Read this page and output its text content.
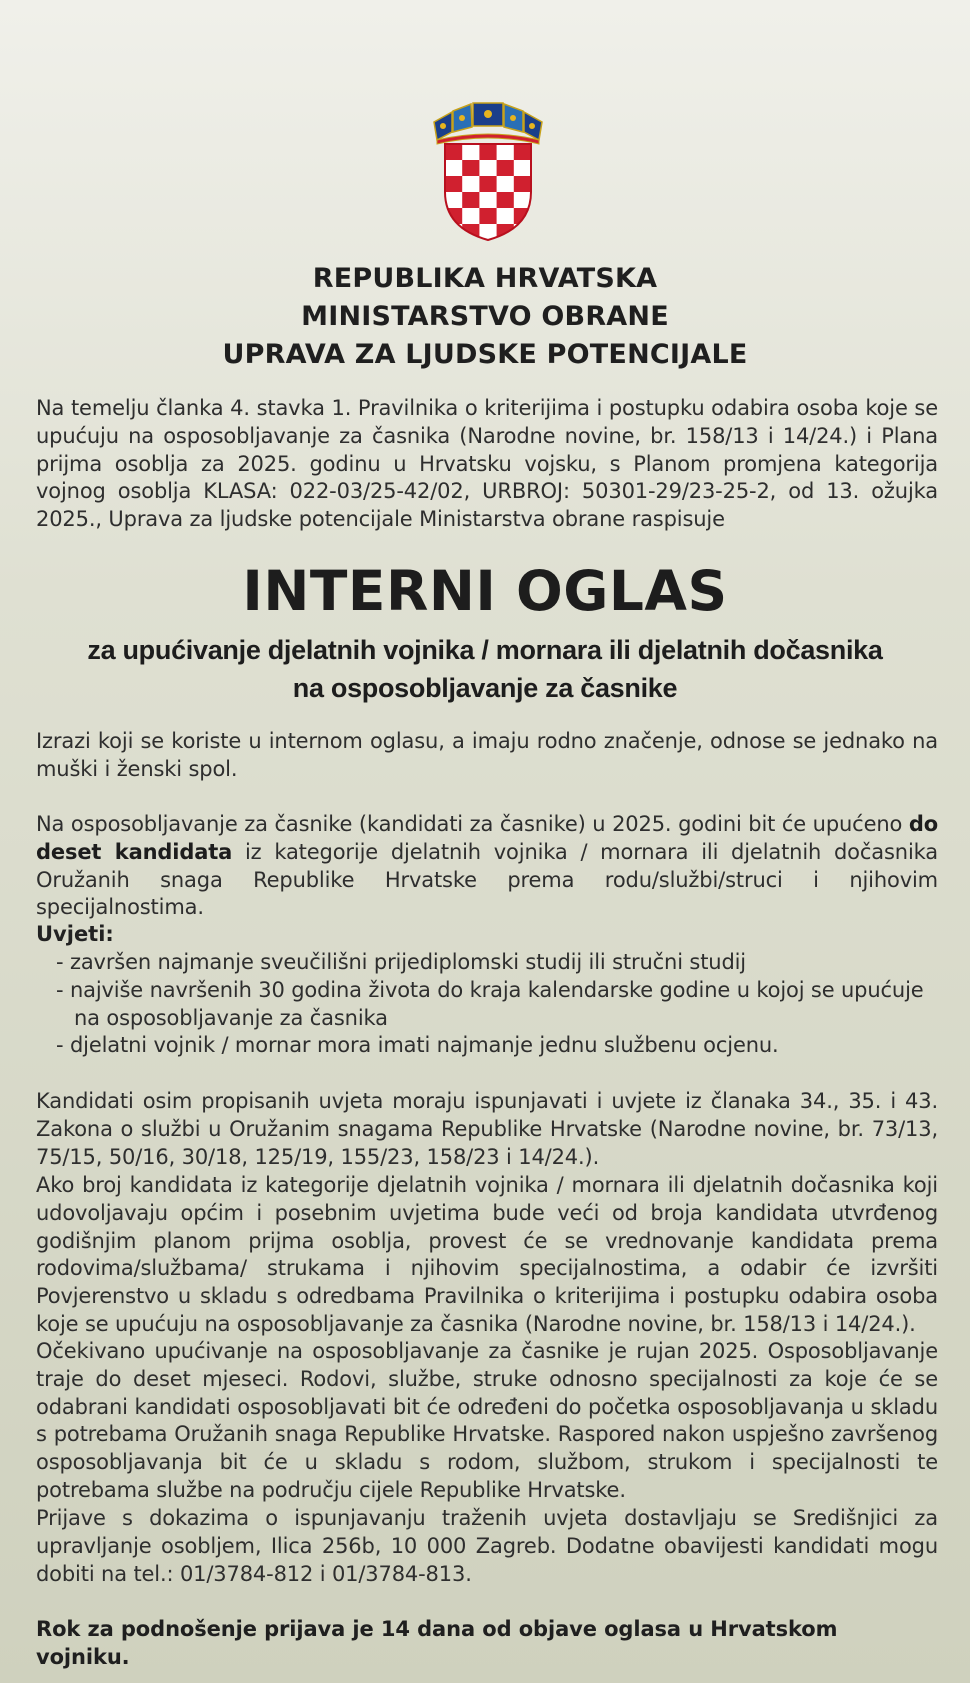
REPUBLIKA HRVATSKA
MINISTARSTVO OBRANE
UPRAVA ZA LJUDSKE POTENCIJALE
Na temelju članka 4. stavka 1. Pravilnika o kriterijima i postupku odabira osoba koje se upućuju na osposobljavanje za časnika (Narodne novine, br. 158/13 i 14/24.) i Plana prijma osoblja za 2025. godinu u Hrvatsku vojsku, s Planom promjena kategorija vojnog osoblja KLASA: 022-03/25-42/02, URBROJ: 50301-29/23-25-2, od 13. ožujka 2025., Uprava za ljudske potencijale Ministarstva obrane raspisuje
INTERNI OGLAS
za upućivanje djelatnih vojnika / mornara ili djelatnih dočasnika
na osposobljavanje za časnike
Izrazi koji se koriste u internom oglasu, a imaju rodno značenje, odnose se jednako na muški i ženski spol.
Na osposobljavanje za časnike (kandidati za časnike) u 2025. godini bit će upućeno do deset kandidata iz kategorije djelatnih vojnika / mornara ili djelatnih dočasnika Oružanih snaga Republike Hrvatske prema rodu/službi/struci i njihovim specijalnostima.
Uvjeti:
- završen najmanje sveučilišni prijediplomski studij ili stručni studij
- najviše navršenih 30 godina života do kraja kalendarske godine u kojoj se upućuje na osposobljavanje za časnika
- djelatni vojnik / mornar mora imati najmanje jednu službenu ocjenu.
Kandidati osim propisanih uvjeta moraju ispunjavati i uvjete iz članaka 34., 35. i 43. Zakona o službi u Oružanim snagama Republike Hrvatske (Narodne novine, br. 73/13, 75/15, 50/16, 30/18, 125/19, 155/23, 158/23 i 14/24.).
Ako broj kandidata iz kategorije djelatnih vojnika / mornara ili djelatnih dočasnika koji udovoljavaju općim i posebnim uvjetima bude veći od broja kandidata utvrđenog godišnjim planom prijma osoblja, provest će se vrednovanje kandidata prema rodovima/službama/ strukama i njihovim specijalnostima, a odabir će izvršiti Povjerenstvo u skladu s odredbama Pravilnika o kriterijima i postupku odabira osoba koje se upućuju na osposobljavanje za časnika (Narodne novine, br. 158/13 i 14/24.).
Očekivano upućivanje na osposobljavanje za časnike je rujan 2025. Osposobljavanje traje do deset mjeseci. Rodovi, službe, struke odnosno specijalnosti za koje će se odabrani kandidati osposobljavati bit će određeni do početka osposobljavanja u skladu s potrebama Oružanih snaga Republike Hrvatske. Raspored nakon uspješno završenog osposobljavanja bit će u skladu s rodom, službom, strukom i specijalnosti te potrebama službe na području cijele Republike Hrvatske.
Prijave s dokazima o ispunjavanju traženih uvjeta dostavljaju se Središnjici za upravljanje osobljem, Ilica 256b, 10 000 Zagreb. Dodatne obavijesti kandidati mogu dobiti na tel.: 01/3784-812 i 01/3784-813.
Rok za podnošenje prijava je 14 dana od objave oglasa u Hrvatskom vojniku.
